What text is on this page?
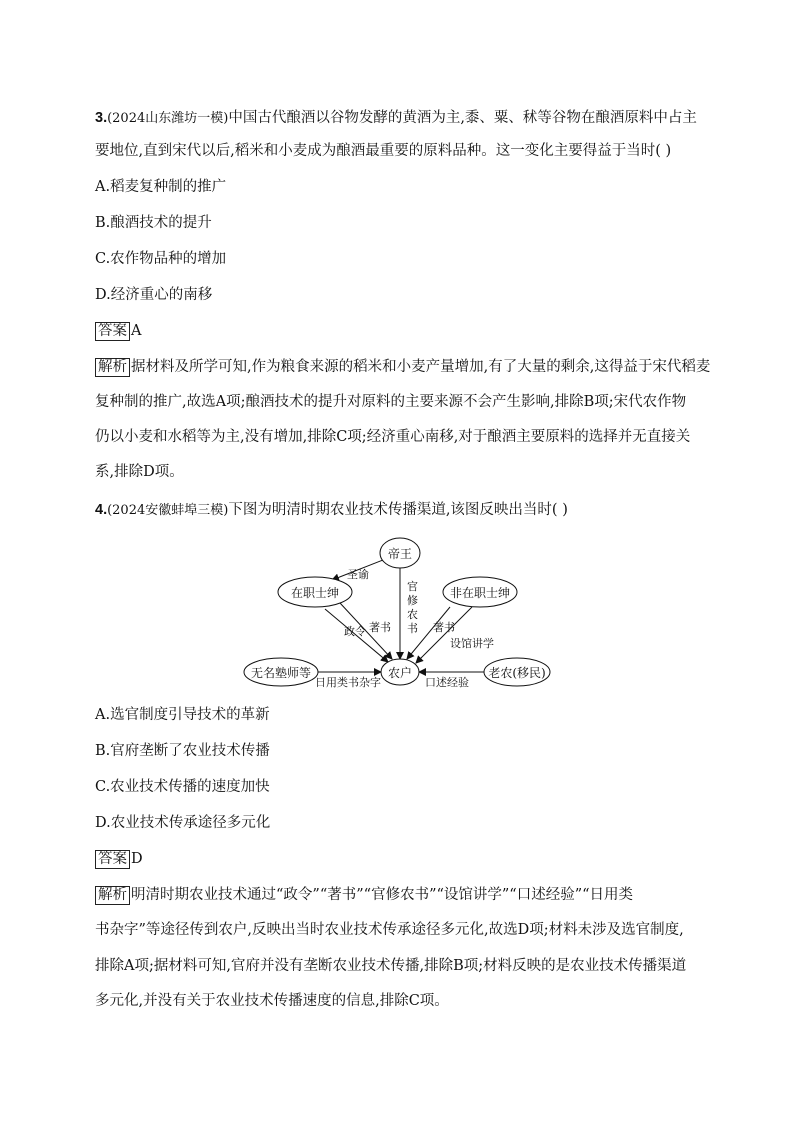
3.(2024山东潍坊一模)中国古代酿酒以谷物发酵的黄酒为主,黍、粟、秫等谷物在酿酒原料中占主
要地位,直到宋代以后,稻米和小麦成为酿酒最重要的原料品种。这一变化主要得益于当时( )
A.稻麦复种制的推广
B.酿酒技术的提升
C.农作物品种的增加
D.经济重心的南移
答案 A
解析 据材料及所学可知,作为粮食来源的稻米和小麦产量增加,有了大量的剩余,这得益于宋代稻麦
复种制的推广,故选A项;酿酒技术的提升对原料的主要来源不会产生影响,排除B项;宋代农作物
仍以小麦和水稻等为主,没有增加,排除C项;经济重心南移,对于酿酒主要原料的选择并无直接关
系,排除D项。
4.(2024安徽蚌埠三模)下图为明清时期农业技术传播渠道,该图反映出当时( )
帝王
在职士绅	非在职士绅
无名塾师等	农户	老农(移民)
圣谕
官
修
农
书
政令 著书	著书
设馆讲学
日用类书杂字	口述经验
A.选官制度引导技术的革新
B.官府垄断了农业技术传播
C.农业技术传播的速度加快
D.农业技术传承途径多元化
答案 D
解析 明清时期农业技术通过“政令”“著书”“官修农书”“设馆讲学”“口述经验”“日用类
书杂字”等途径传到农户,反映出当时农业技术传承途径多元化,故选D项;材料未涉及选官制度,
排除A项;据材料可知,官府并没有垄断农业技术传播,排除B项;材料反映的是农业技术传播渠道
多元化,并没有关于农业技术传播速度的信息,排除C项。
